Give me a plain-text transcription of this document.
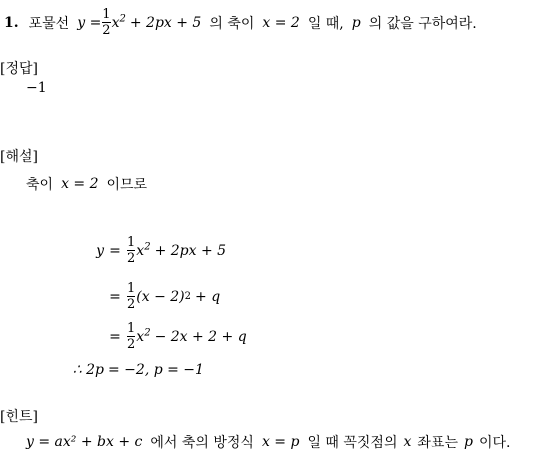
1. 포물선 $y = \frac{1}{2} x^2 + 2px + 5$ 의 축이 x = 2 일 때, p 의 값을 구하여라.
[정답]
−1
[해설]
축이 x = 2 이므로
$y = \frac{1}{2} x^2 + 2px + 5$
= $\frac{1}{2} (x - 2) 2 + q$
= $\frac{1}{2} x^2 - 2x + 2 + q$
∴ 2p = −2, p = −1
[힌트]
y = ax² + bx + c 에서 축의 방정식 x = p 일 때 꼭짓점의 x 좌표는 p 이다.
